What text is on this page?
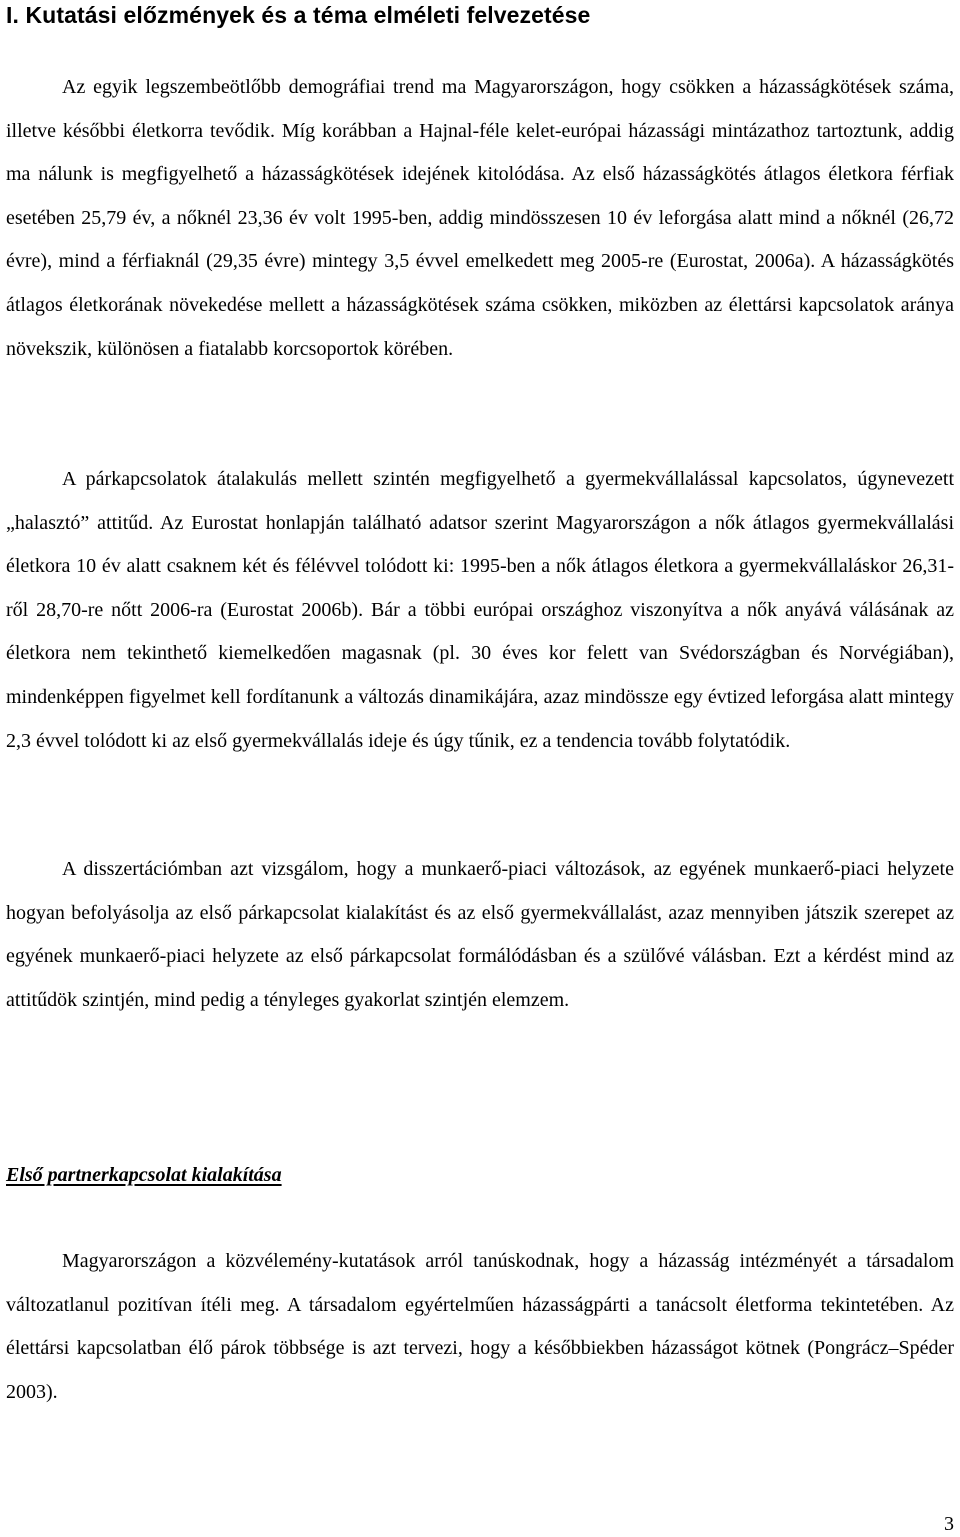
I. Kutatási előzmények és a téma elméleti felvezetése

Az egyik legszembeötlőbb demográfiai trend ma Magyarországon, hogy csökken a házasságkötések száma, illetve későbbi életkorra tevődik. Míg korábban a Hajnal-féle kelet-európai házassági mintázathoz tartoztunk, addig ma nálunk is megfigyelhető a házasságkötések idejének kitolódása. Az első házasságkötés átlagos életkora férfiak esetében 25,79 év, a nőknél 23,36 év volt 1995-ben, addig mindösszesen 10 év leforgása alatt mind a nőknél (26,72 évre), mind a férfiaknál (29,35 évre) mintegy 3,5 évvel emelkedett meg 2005-re (Eurostat, 2006a). A házasságkötés átlagos életkorának növekedése mellett a házasságkötések száma csökken, miközben az élettársi kapcsolatok aránya növekszik, különösen a fiatalabb korcsoportok körében.

A párkapcsolatok átalakulás mellett szintén megfigyelhető a gyermekvállalással kapcsolatos, úgynevezett „halasztó” attitűd. Az Eurostat honlapján található adatsor szerint Magyarországon a nők átlagos gyermekvállalási életkora 10 év alatt csaknem két és félévvel tolódott ki: 1995-ben a nők átlagos életkora a gyermekvállaláskor 26,31-ről 28,70-re nőtt 2006-ra (Eurostat 2006b). Bár a többi európai országhoz viszonyítva a nők anyává válásának az életkora nem tekinthető kiemelkedően magasnak (pl. 30 éves kor felett van Svédországban és Norvégiában), mindenképpen figyelmet kell fordítanunk a változás dinamikájára, azaz mindössze egy évtized leforgása alatt mintegy 2,3 évvel tolódott ki az első gyermekvállalás ideje és úgy tűnik, ez a tendencia tovább folytatódik.

A disszertációmban azt vizsgálom, hogy a munkaerő-piaci változások, az egyének munkaerő-piaci helyzete hogyan befolyásolja az első párkapcsolat kialakítást és az első gyermekvállalást, azaz mennyiben játszik szerepet az egyének munkaerő-piaci helyzete az első párkapcsolat formálódásban és a szülővé válásban. Ezt a kérdést mind az attitűdök szintjén, mind pedig a tényleges gyakorlat szintjén elemzem.

Első partnerkapcsolat kialakítása

Magyarországon a közvélemény-kutatások arról tanúskodnak, hogy a házasság intézményét a társadalom változatlanul pozitívan ítéli meg. A társadalom egyértelműen házasságpárti a tanácsolt életforma tekintetében. Az élettársi kapcsolatban élő párok többsége is azt tervezi, hogy a későbbiekben házasságot kötnek (Pongrácz–Spéder 2003).

3
